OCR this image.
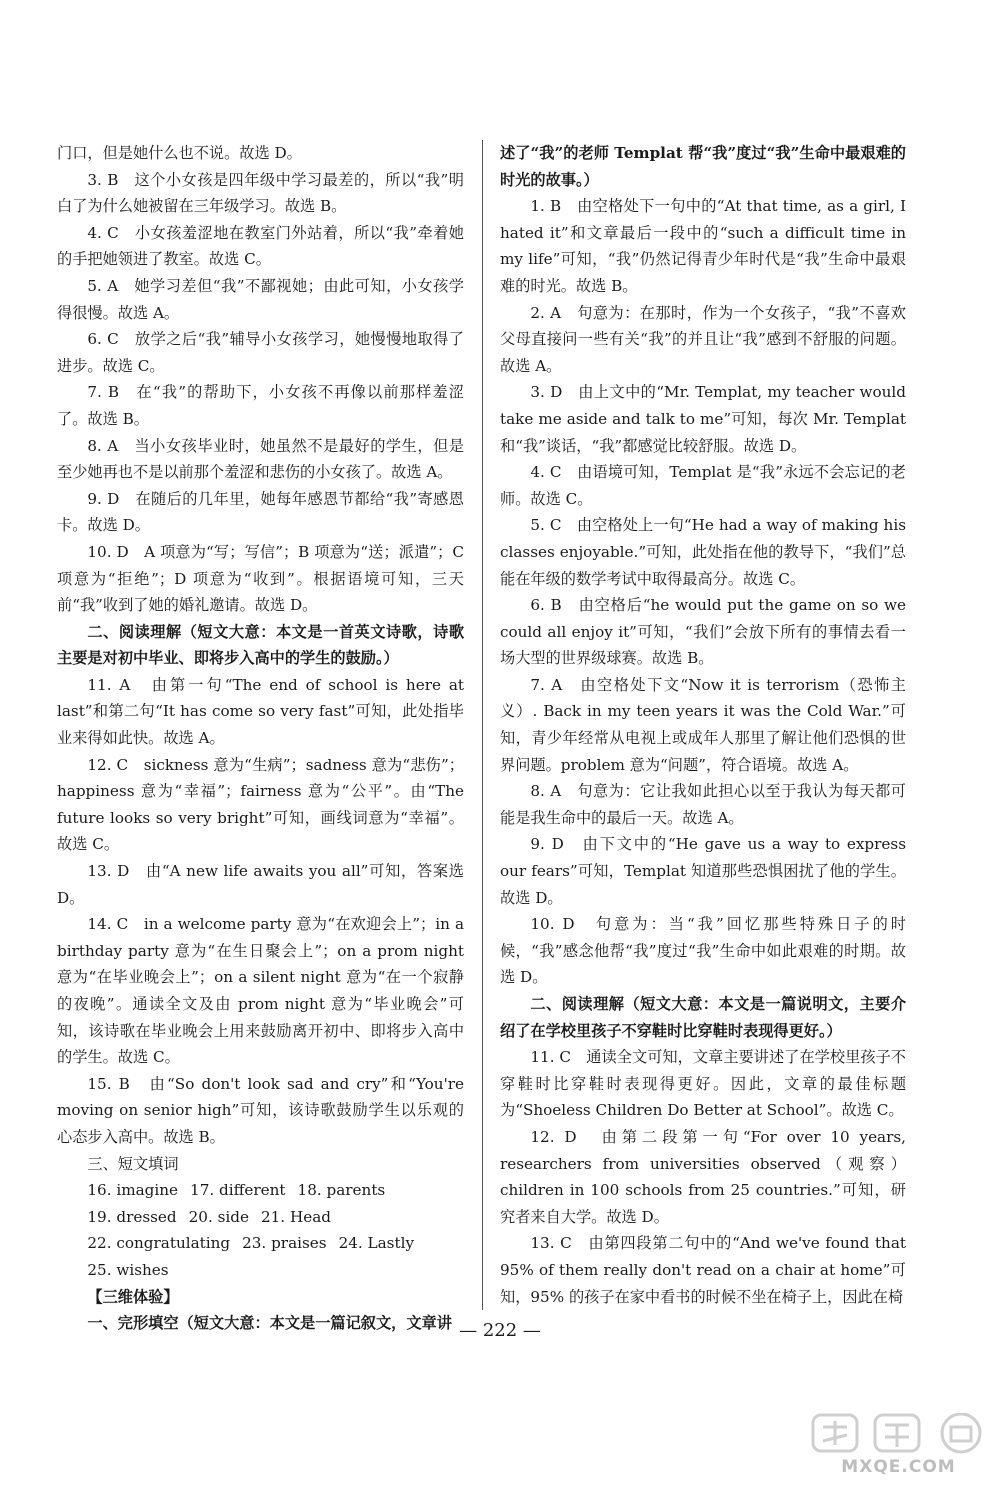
门口，但是她什么也不说。故选 D。

3. B　这个小女孩是四年级中学习最差的，所以“我”明白了为什么她被留在三年级学习。故选 B。

4. C　小女孩羞涩地在教室门外站着，所以“我”牵着她的手把她领进了教室。故选 C。

5. A　她学习差但“我”不鄙视她；由此可知，小女孩学得很慢。故选 A。

6. C　放学之后“我”辅导小女孩学习，她慢慢地取得了进步。故选 C。

7. B　在“我”的帮助下，小女孩不再像以前那样羞涩了。故选 B。

8. A　当小女孩毕业时，她虽然不是最好的学生，但是至少她再也不是以前那个羞涩和悲伤的小女孩了。故选 A。

9. D　在随后的几年里，她每年感恩节都给“我”寄感恩卡。故选 D。

10. D　A 项意为“写；写信”；B 项意为“送；派遣”；C 项意为“拒绝”；D 项意为“收到”。根据语境可知，三天前“我”收到了她的婚礼邀请。故选 D。

二、阅读理解（短文大意：本文是一首英文诗歌，诗歌主要是对初中毕业、即将步入高中的学生的鼓励。）

11. A　由第一句“The end of school is here at last”和第二句“It has come so very fast”可知，此处指毕业来得如此快。故选 A。

12. C　sickness 意为“生病”；sadness 意为“悲伤”；happiness 意为“幸福”；fairness 意为“公平”。由“The future looks so very bright”可知，画线词意为“幸福”。故选 C。

13. D　由“A new life awaits you all”可知，答案选 D。

14. C　in a welcome party 意为“在欢迎会上”；in a birthday party 意为“在生日聚会上”；on a prom night 意为“在毕业晚会上”；on a silent night 意为“在一个寂静的夜晚”。通读全文及由 prom night 意为“毕业晚会”可知，该诗歌在毕业晚会上用来鼓励离开初中、即将步入高中的学生。故选 C。

15. B　由“So don't look sad and cry”和“You're moving on senior high”可知，该诗歌鼓励学生以乐观的心态步入高中。故选 B。

三、短文填词

16. imagine 17. different 18. parents
19. dressed 20. side 21. Head
22. congratulating 23. praises 24. Lastly
25. wishes

【三维体验】

一、完形填空（短文大意：本文是一篇记叙文，文章讲

述了“我”的老师 Templat 帮“我”度过“我”生命中最艰难的时光的故事。）

1. B　由空格处下一句中的“At that time, as a girl, I hated it”和文章最后一段中的“such a difficult time in my life”可知，“我”仍然记得青少年时代是“我”生命中最艰难的时光。故选 B。

2. A　句意为：在那时，作为一个女孩子，“我”不喜欢父母直接问一些有关“我”的并且让“我”感到不舒服的问题。故选 A。

3. D　由上文中的“Mr. Templat, my teacher would take me aside and talk to me”可知，每次 Mr. Templat 和“我”谈话，“我”都感觉比较舒服。故选 D。

4. C　由语境可知，Templat 是“我”永远不会忘记的老师。故选 C。

5. C　由空格处上一句“He had a way of making his classes enjoyable.”可知，此处指在他的教导下，“我们”总能在年级的数学考试中取得最高分。故选 C。

6. B　由空格后“he would put the game on so we could all enjoy it”可知，“我们”会放下所有的事情去看一场大型的世界级球赛。故选 B。

7. A　由空格处下文“Now it is terrorism（恐怖主义）. Back in my teen years it was the Cold War.”可知，青少年经常从电视上或成年人那里了解让他们恐惧的世界问题。problem 意为“问题”，符合语境。故选 A。

8. A　句意为：它让我如此担心以至于我认为每天都可能是我生命中的最后一天。故选 A。

9. D　由下文中的“He gave us a way to express our fears”可知，Templat 知道那些恐惧困扰了他的学生。故选 D。

10. D　句意为：当“我”回忆那些特殊日子的时候，“我”感念他帮“我”度过“我”生命中如此艰难的时期。故选 D。

二、阅读理解（短文大意：本文是一篇说明文，主要介绍了在学校里孩子不穿鞋时比穿鞋时表现得更好。）

11. C　通读全文可知，文章主要讲述了在学校里孩子不穿鞋时比穿鞋时表现得更好。因此，文章的最佳标题为“Shoeless Children Do Better at School”。故选 C。

12. D　由第二段第一句“For over 10 years, researchers from universities observed（观察）children in 100 schools from 25 countries.”可知，研究者来自大学。故选 D。

13. C　由第四段第二句中的“And we've found that 95% of them really don't read on a chair at home”可知，95% 的孩子在家中看书的时候不坐在椅子上，因此在椅

— 222 —
MXQE.COM
